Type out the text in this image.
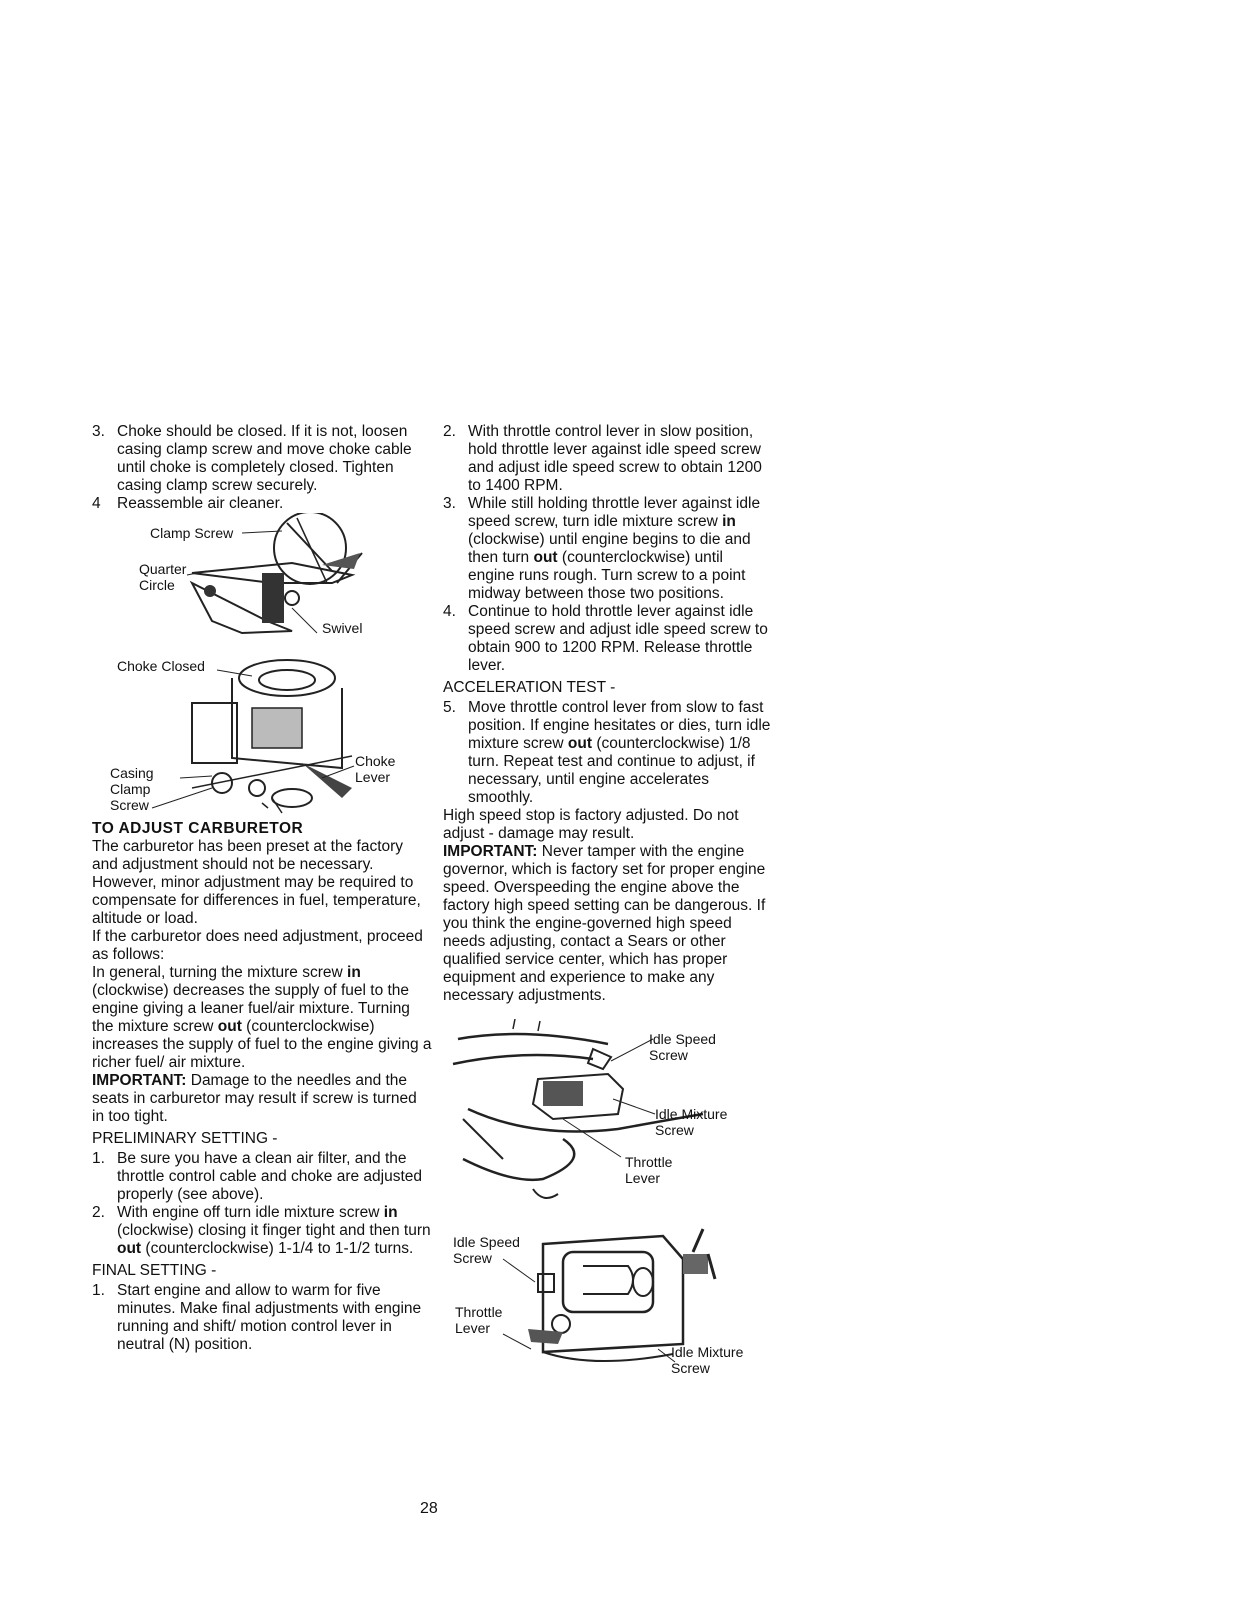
3. Choke should be closed. If it is not, loosen casing clamp screw and move choke cable until choke is completely closed. Tighten casing clamp screw securely.
4	Reassemble air cleaner.
Clamp Screw
Quarter
Circle
Swivel
Choke Closed
Casing
Clamp
Screw
Choke
Lever

TO ADJUST CARBURETOR

The carburetor has been preset at the factory and adjustment should not be necessary. However, minor adjustment may be required to compensate for differences in fuel, temperature, altitude or load.

If the carburetor does need adjustment, proceed as follows:

In general, turning the mixture screw in (clockwise) decreases the supply of fuel to the engine giving a leaner fuel/air mixture. Turning the mixture screw out (counterclockwise) increases the supply of fuel to the engine giving a richer fuel/ air mixture.

IMPORTANT: Damage to the needles and the seats in carburetor may result if screw is turned in too tight.

PRELIMINARY SETTING -

1. Be sure you have a clean air filter, and the throttle control cable and choke are adjusted properly (see above).
2. With engine off turn idle mixture screw in (clockwise) closing it finger tight and then turn out (counterclockwise) 1-1/4 to 1-1/2 turns.

FINAL SETTING -

1. Start engine and allow to warm for five minutes. Make final adjustments with engine running and shift/ motion control lever in neutral (N) position.
2. With throttle control lever in slow position, hold throttle lever against idle speed screw and adjust idle speed screw to obtain 1200 to 1400 RPM.
3. While still holding throttle lever against idle speed screw, turn idle mixture screw in (clockwise) until engine begins to die and then turn out (counterclockwise) until engine runs rough. Turn screw to a point midway between those two positions.
4. Continue to hold throttle lever against idle speed screw and adjust idle speed screw to obtain 900 to 1200 RPM. Release throttle lever.

ACCELERATION TEST -

5. Move throttle control lever from slow to fast position. If engine hesitates or dies, turn idle mixture screw out (counterclockwise) 1/8 turn. Repeat test and continue to adjust, if necessary, until engine accelerates smoothly.

High speed stop is factory adjusted. Do not adjust - damage may result.

IMPORTANT: Never tamper with the engine governor, which is factory set for proper engine speed. Overspeeding the engine above the factory high speed setting can be dangerous. If you think the engine-governed high speed needs adjusting, contact a Sears or other qualified service center, which has proper equipment and experience to make any necessary adjustments.

Idle Speed
Screw
Idle Mixture
Screw
Throttle
Lever
Idle Speed
Screw
Throttle
Lever
Idle Mixture
Screw
28
